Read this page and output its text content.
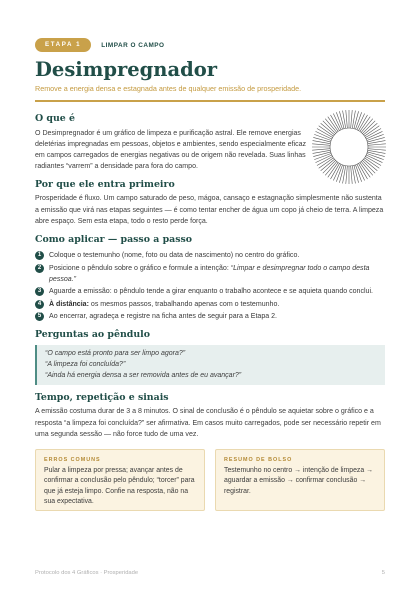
ETAPA 1	LIMPAR O CAMPO
Desimpregnador
Remove a energia densa e estagnada antes de qualquer emissão de prosperidade.
O que é

O Desimpregnador é um gráfico de limpeza e purificação astral. Ele remove energias deletérias impregnadas em pessoas, objetos e ambientes, sendo especialmente eficaz em campos carregados de energias negativas ou de origem não revelada. Suas linhas radiantes “varrem” a densidade para fora do campo.

Por que ele entra primeiro

Prosperidade é fluxo. Um campo saturado de peso, mágoa, cansaço e estagnação simplesmente não sustenta a emissão que virá nas etapas seguintes — é como tentar encher de água um copo já cheio de terra. A limpeza abre espaço. Sem esta etapa, todo o resto perde força.

Como aplicar — passo a passo
1	Coloque o testemunho (nome, foto ou data de nascimento) no centro do gráfico.
2	Posicione o pêndulo sobre o gráfico e formule a intenção: “Limpar e desimpregnar todo o campo desta pessoa.”
3	Aguarde a emissão: o pêndulo tende a girar enquanto o trabalho acontece e se aquieta quando conclui.
4	À distância: os mesmos passos, trabalhando apenas com o testemunho.
5	Ao encerrar, agradeça e registre na ficha antes de seguir para a Etapa 2.
Perguntas ao pêndulo
“O campo está pronto para ser limpo agora?”
“A limpeza foi concluída?”
“Ainda há energia densa a ser removida antes de eu avançar?”
Tempo, repetição e sinais

A emissão costuma durar de 3 a 8 minutos. O sinal de conclusão é o pêndulo se aquietar sobre o gráfico e a resposta “a limpeza foi concluída?” ser afirmativa. Em casos muito carregados, pode ser necessário repetir em uma segunda sessão — não force tudo de uma vez.

ERROS COMUNS
Pular a limpeza por pressa; avançar antes de confirmar a conclusão pelo pêndulo; “torcer” para que já esteja limpo. Confie na resposta, não na sua expectativa.
RESUMO DE BOLSO
Testemunho no centro → intenção de limpeza → aguardar a emissão → confirmar conclusão → registrar.
Protocolo dos 4 Gráficos · Prosperidade	5
